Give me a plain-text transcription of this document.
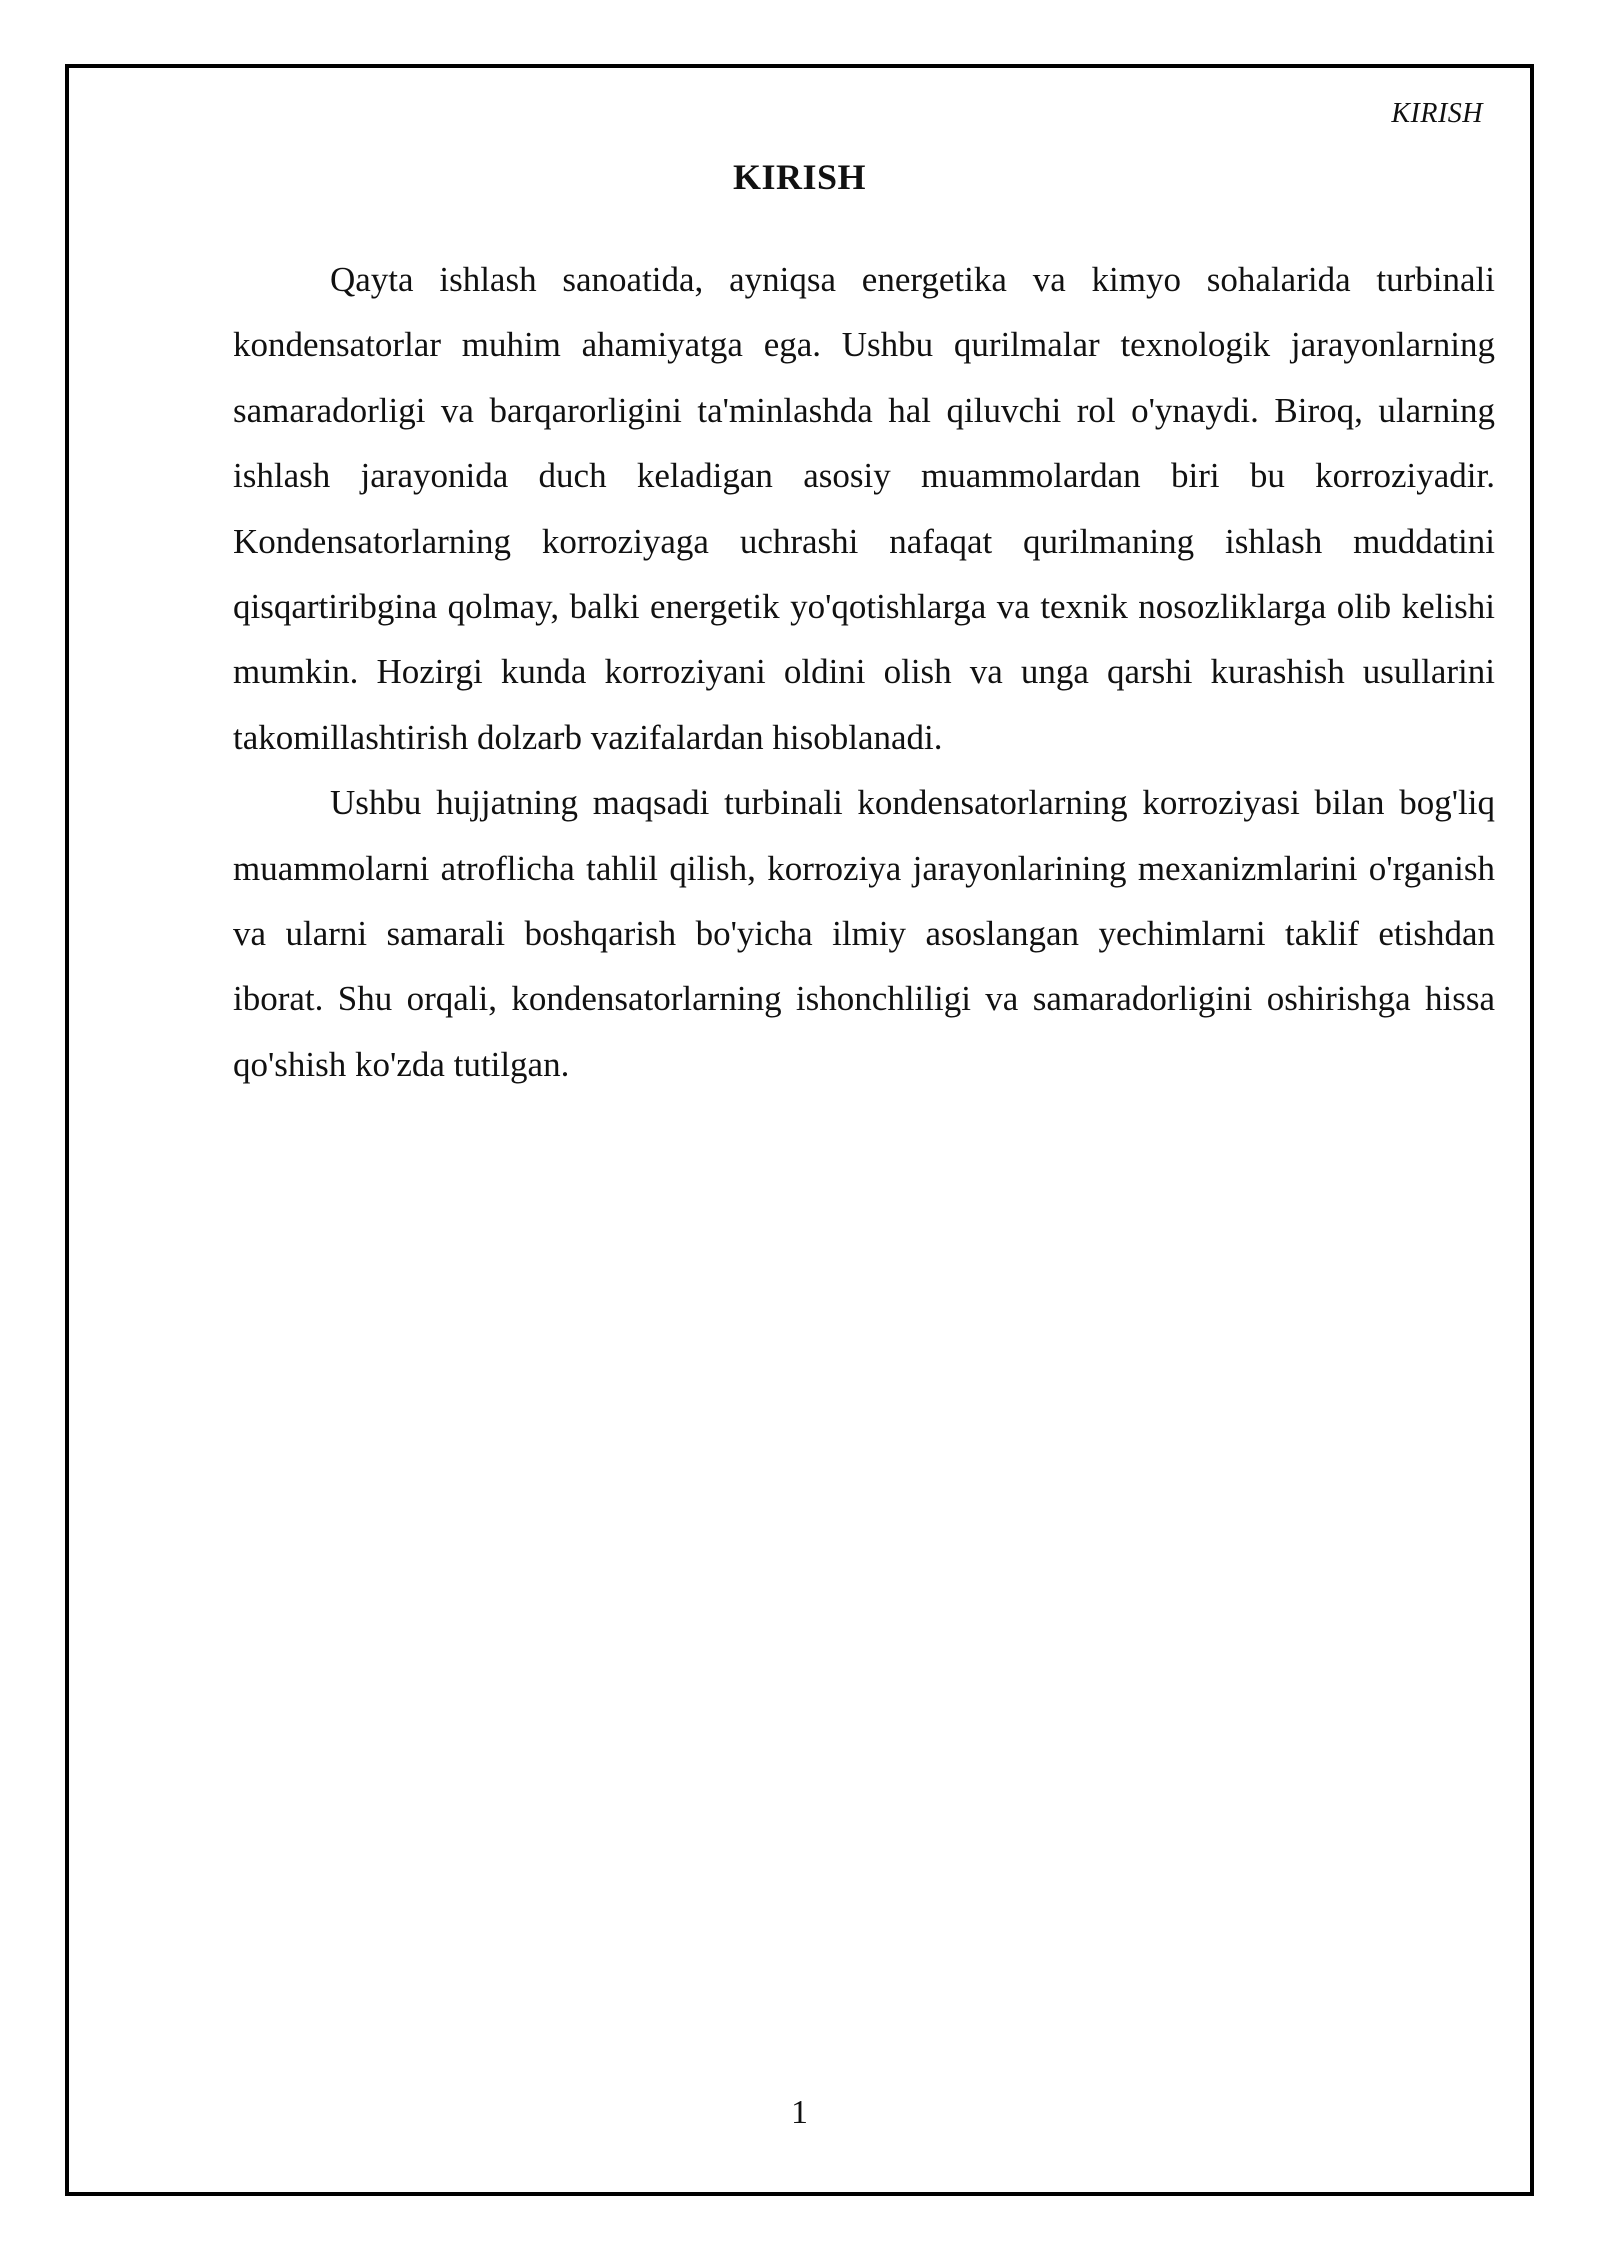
KIRISH
KIRISH

Qayta ishlash sanoatida, ayniqsa energetika va kimyo sohalarida turbinali kondensatorlar muhim ahamiyatga ega. Ushbu qurilmalar texnologik jarayonlarning samaradorligi va barqarorligini ta'minlashda hal qiluvchi rol o'ynaydi. Biroq, ularning ishlash jarayonida duch keladigan asosiy muammolardan biri bu korroziyadir. Kondensatorlarning korroziyaga uchrashi nafaqat qurilmaning ishlash muddatini qisqartiribgina qolmay, balki energetik yo'qotishlarga va texnik nosozliklarga olib kelishi mumkin. Hozirgi kunda korroziyani oldini olish va unga qarshi kurashish usullarini takomillashtirish dolzarb vazifalardan hisoblanadi.

Ushbu hujjatning maqsadi turbinali kondensatorlarning korroziyasi bilan bog'liq muammolarni atroflicha tahlil qilish, korroziya jarayonlarining mexanizmlarini o'rganish va ularni samarali boshqarish bo'yicha ilmiy asoslangan yechimlarni taklif etishdan iborat. Shu orqali, kondensatorlarning ishonchliligi va samaradorligini oshirishga hissa qo'shish ko'zda tutilgan.

1
